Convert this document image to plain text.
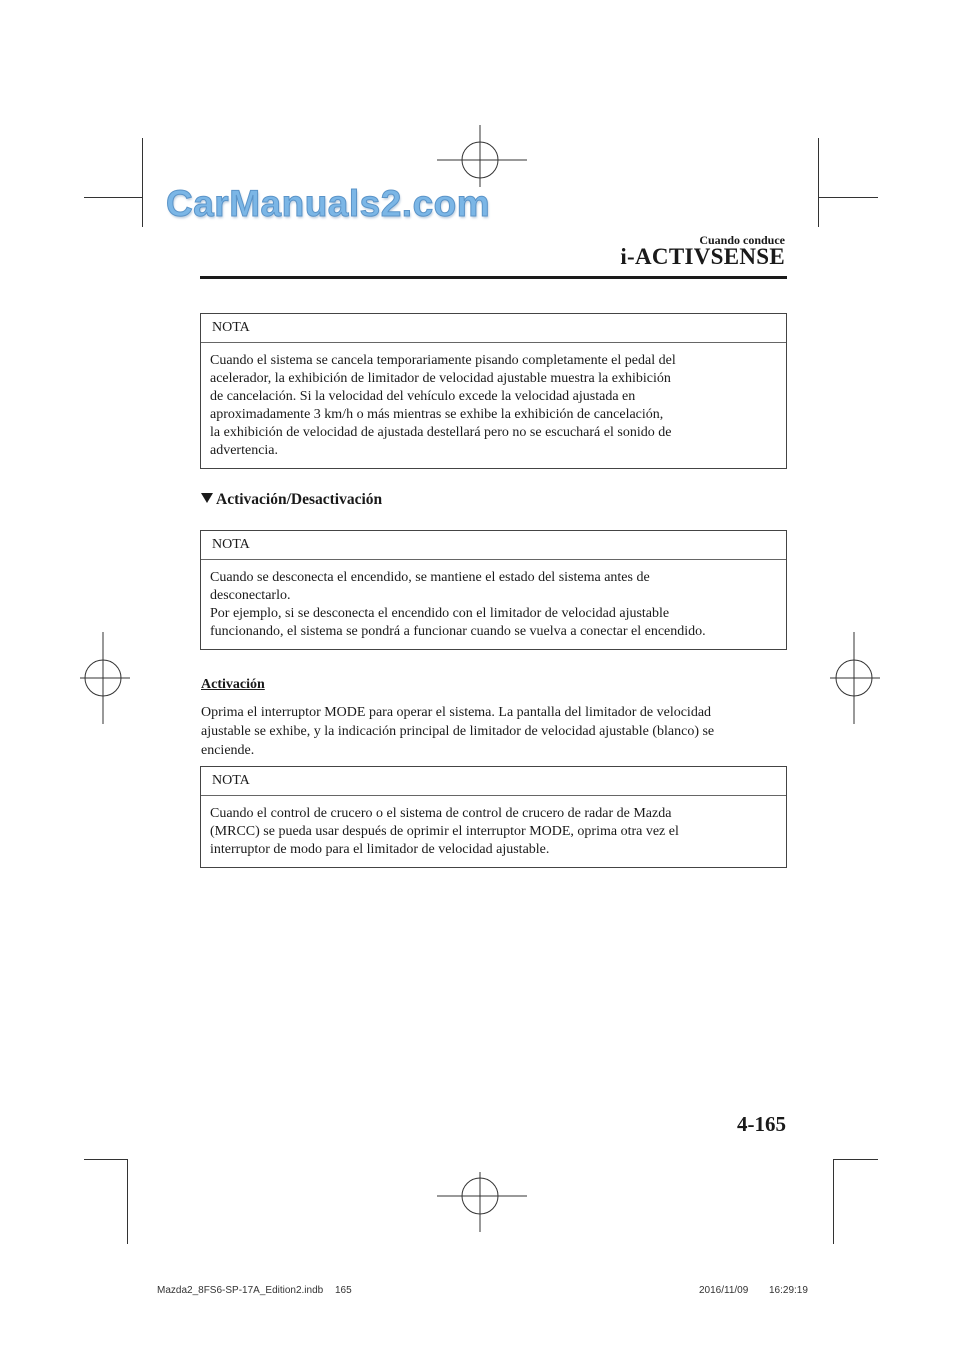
CarManuals2.com
Cuando conduce
i-ACTIVSENSE
NOTA
Cuando el sistema se cancela temporariamente pisando completamente el pedal del
acelerador, la exhibición de limitador de velocidad ajustable muestra la exhibición
de cancelación. Si la velocidad del vehículo excede la velocidad ajustada en
aproximadamente 3 km/h o más mientras se exhibe la exhibición de cancelación,
la exhibición de velocidad de ajustada destellará pero no se escuchará el sonido de
advertencia.
Activación/Desactivación
NOTA
Cuando se desconecta el encendido, se mantiene el estado del sistema antes de
desconectarlo.
Por ejemplo, si se desconecta el encendido con el limitador de velocidad ajustable
funcionando, el sistema se pondrá a funcionar cuando se vuelva a conectar el encendido.
Activación
Oprima el interruptor MODE para operar el sistema. La pantalla del limitador de velocidad
ajustable se exhibe, y la indicación principal de limitador de velocidad ajustable (blanco) se
enciende.
NOTA
Cuando el control de crucero o el sistema de control de crucero de radar de Mazda
(MRCC) se pueda usar después de oprimir el interruptor MODE, oprima otra vez el
interruptor de modo para el limitador de velocidad ajustable.
4-165
Mazda2_8FS6-SP-17A_Edition2.indb 165	2016/11/09 16:29:19
